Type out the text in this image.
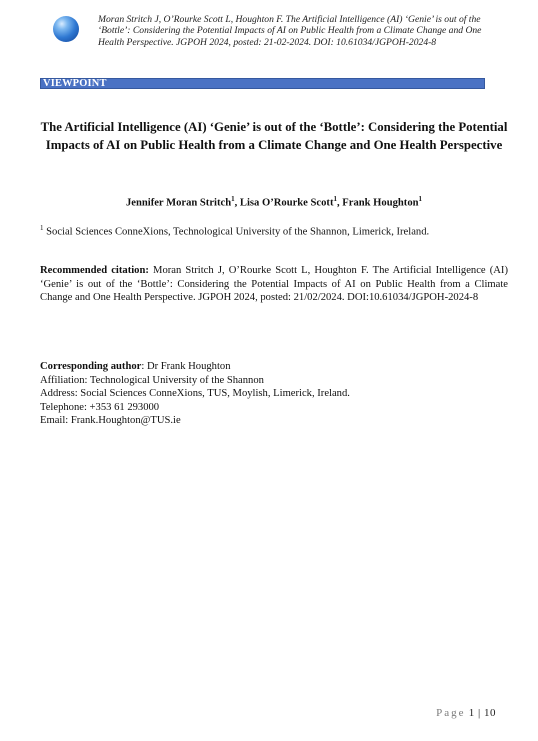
Moran Stritch J, O’Rourke Scott L, Houghton F. The Artificial Intelligence (AI) ‘Genie’ is out of the ‘Bottle’: Considering the Potential Impacts of AI on Public Health from a Climate Change and One Health Perspective. JGPOH 2024, posted: 21-02-2024. DOI: 10.61034/JGPOH-2024-8
VIEWPOINT
The Artificial Intelligence (AI) ‘Genie’ is out of the ‘Bottle’: Considering the Potential Impacts of AI on Public Health from a Climate Change and One Health Perspective
Jennifer Moran Stritch$^1$, Lisa O’Rourke Scott$^1$, Frank Houghton$^1$
$^1$ Social Sciences ConneXions, Technological University of the Shannon, Limerick, Ireland.
Recommended citation: Moran Stritch J, O’Rourke Scott L, Houghton F. The Artificial Intelligence (AI) ‘Genie’ is out of the ‘Bottle’: Considering the Potential Impacts of AI on Public Health from a Climate Change and One Health Perspective. JGPOH 2024, posted: 21/02/2024. DOI:10.61034/JGPOH-2024-8
Corresponding author: Dr Frank Houghton
Affiliation: Technological University of the Shannon
Address: Social Sciences ConneXions, TUS, Moylish, Limerick, Ireland.
Telephone: +353 61 293000
Email: Frank.Houghton@TUS.ie
Page 1 | 10
